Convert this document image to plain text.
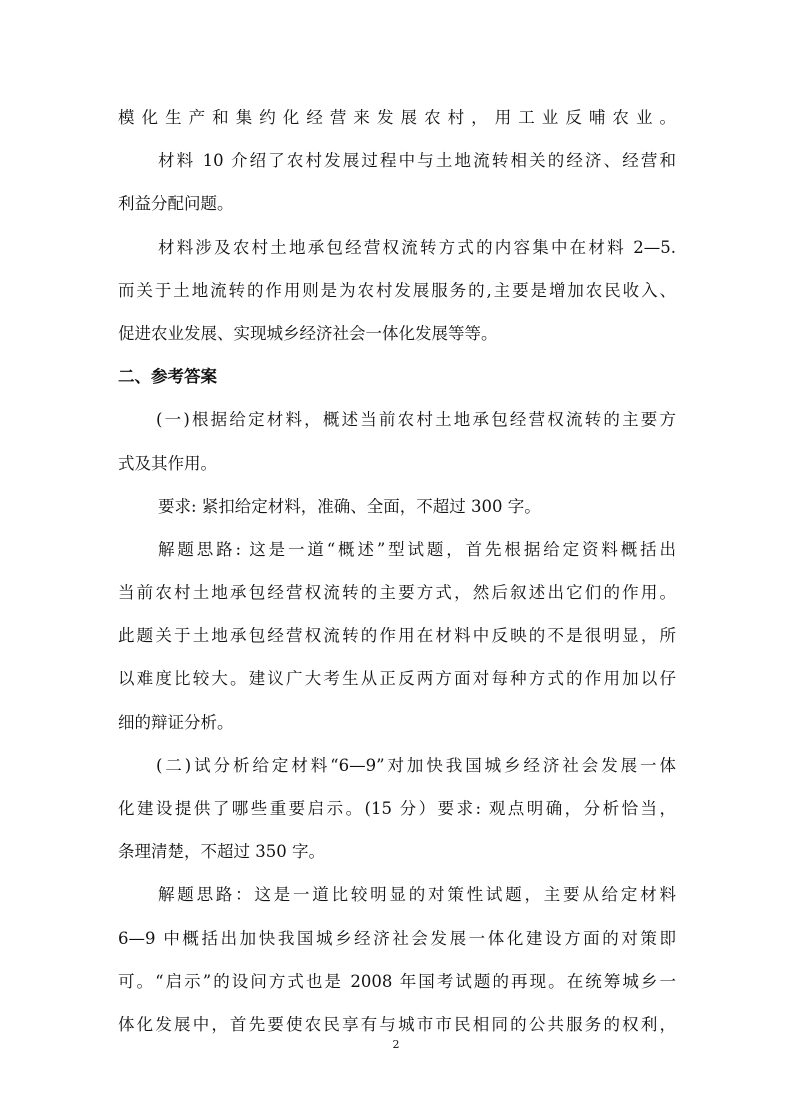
模化生产和集约化经营来发展农村，用工业反哺农业。
材料 10 介绍了农村发展过程中与土地流转相关的经济、经营和
利益分配问题。
材料涉及农村土地承包经营权流转方式的内容集中在材料 2—5.
而关于土地流转的作用则是为农村发展服务的,主要是增加农民收入、
促进农业发展、实现城乡经济社会一体化发展等等。
二、参考答案
(一)根据给定材料，概述当前农村土地承包经营权流转的主要方
式及其作用。
要求: 紧扣给定材料，准确、全面，不超过 300 字。
解题思路: 这是一道“概述”型试题，首先根据给定资料概括出
当前农村土地承包经营权流转的主要方式，然后叙述出它们的作用。
此题关于土地承包经营权流转的作用在材料中反映的不是很明显，所
以难度比较大。建议广大考生从正反两方面对每种方式的作用加以仔
细的辩证分析。
(二)试分析给定材料“6—9”对加快我国城乡经济社会发展一体
化建设提供了哪些重要启示。(15 分）要求: 观点明确，分析恰当，
条理清楚，不超过 350 字。
解题思路：这是一道比较明显的对策性试题，主要从给定材料
6—9 中概括出加快我国城乡经济社会发展一体化建设方面的对策即
可。“启示”的设问方式也是 2008 年国考试题的再现。在统筹城乡一
体化发展中，首先要使农民享有与城市市民相同的公共服务的权利，
2
